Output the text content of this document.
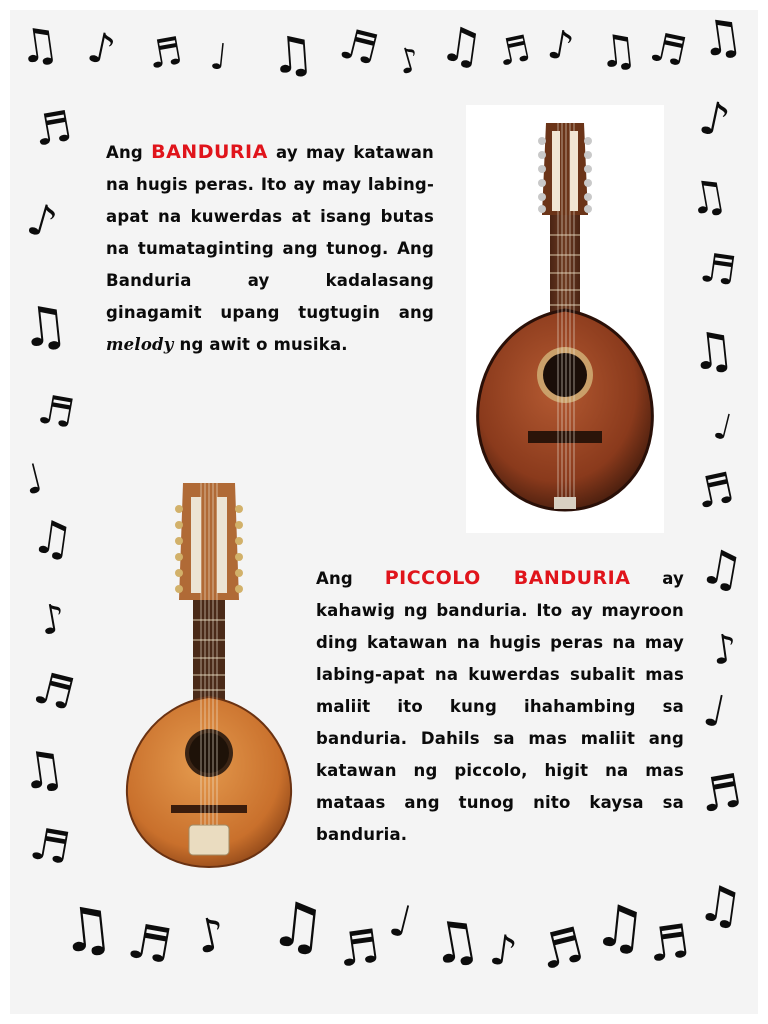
♫ ♪ ♬ ♩ ♫ ♬ ♪ ♫ ♬ ♪ ♫ ♬ ♫
♬
♪
♫
♬
♩
♫
♪
♬
♫
♬
♪
♫
♬
♫
♩
♬
♫
♪
♩
♬
♫
♫ ♬ ♪ ♫ ♬ ♩ ♫ ♪ ♬ ♫
♬

Ang BANDURIA ay may katawan na hugis peras. Ito ay may labing-apat na kuwerdas at isang butas na tumataginting ang tunog. Ang Banduria ay kadalasang ginagamit upang tugtugin ang melody ng awit o musika.

Ang PICCOLO BANDURIA ay kahawig ng banduria. Ito ay mayroon ding katawan na hugis peras na may labing-apat na kuwerdas subalit mas maliit ito kung ihahambing sa banduria. Dahils sa mas maliit ang katawan ng piccolo, higit na mas mataas ang tunog nito kaysa sa banduria.
